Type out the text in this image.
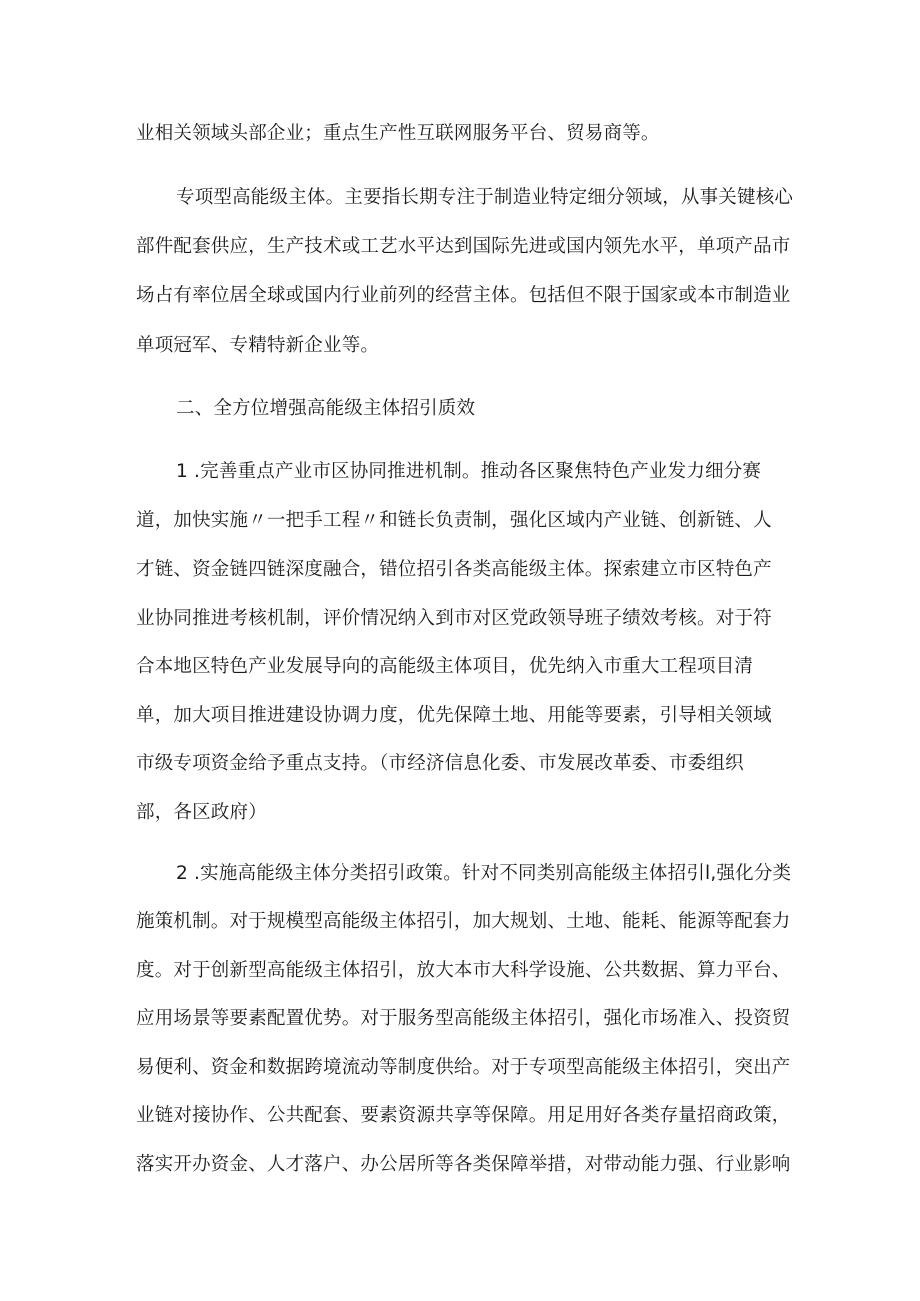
业相关领域头部企业；重点生产性互联网服务平台、贸易商等。
专项型高能级主体。主要指长期专注于制造业特定细分领域，从事关键核心
部件配套供应，生产技术或工艺水平达到国际先进或国内领先水平，单项产品市
场占有率位居全球或国内行业前列的经营主体。包括但不限于国家或本市制造业
单项冠军、专精特新企业等。
二、全方位增强高能级主体招引质效
1 .完善重点产业市区协同推进机制。推动各区聚焦特色产业发力细分赛
道，加快实施〃一把手工程〃和链长负责制，强化区域内产业链、创新链、人
才链、资金链四链深度融合，错位招引各类高能级主体。探索建立市区特色产
业协同推进考核机制，评价情况纳入到市对区党政领导班子绩效考核。对于符
合本地区特色产业发展导向的高能级主体项目，优先纳入市重大工程项目清
单，加大项目推进建设协调力度，优先保障土地、用能等要素，引导相关领域
市级专项资金给予重点支持。（市经济信息化委、市发展改革委、市委组织
部，各区政府）
2 .实施高能级主体分类招引政策。针对不同类别高能级主体招引l,强化分类
施策机制。对于规模型高能级主体招引，加大规划、土地、能耗、能源等配套力
度。对于创新型高能级主体招引，放大本市大科学设施、公共数据、算力平台、
应用场景等要素配置优势。对于服务型高能级主体招引，强化市场准入、投资贸
易便利、资金和数据跨境流动等制度供给。对于专项型高能级主体招引，突出产
业链对接协作、公共配套、要素资源共享等保障。用足用好各类存量招商政策，
落实开办资金、人才落户、办公居所等各类保障举措，对带动能力强、行业影响
